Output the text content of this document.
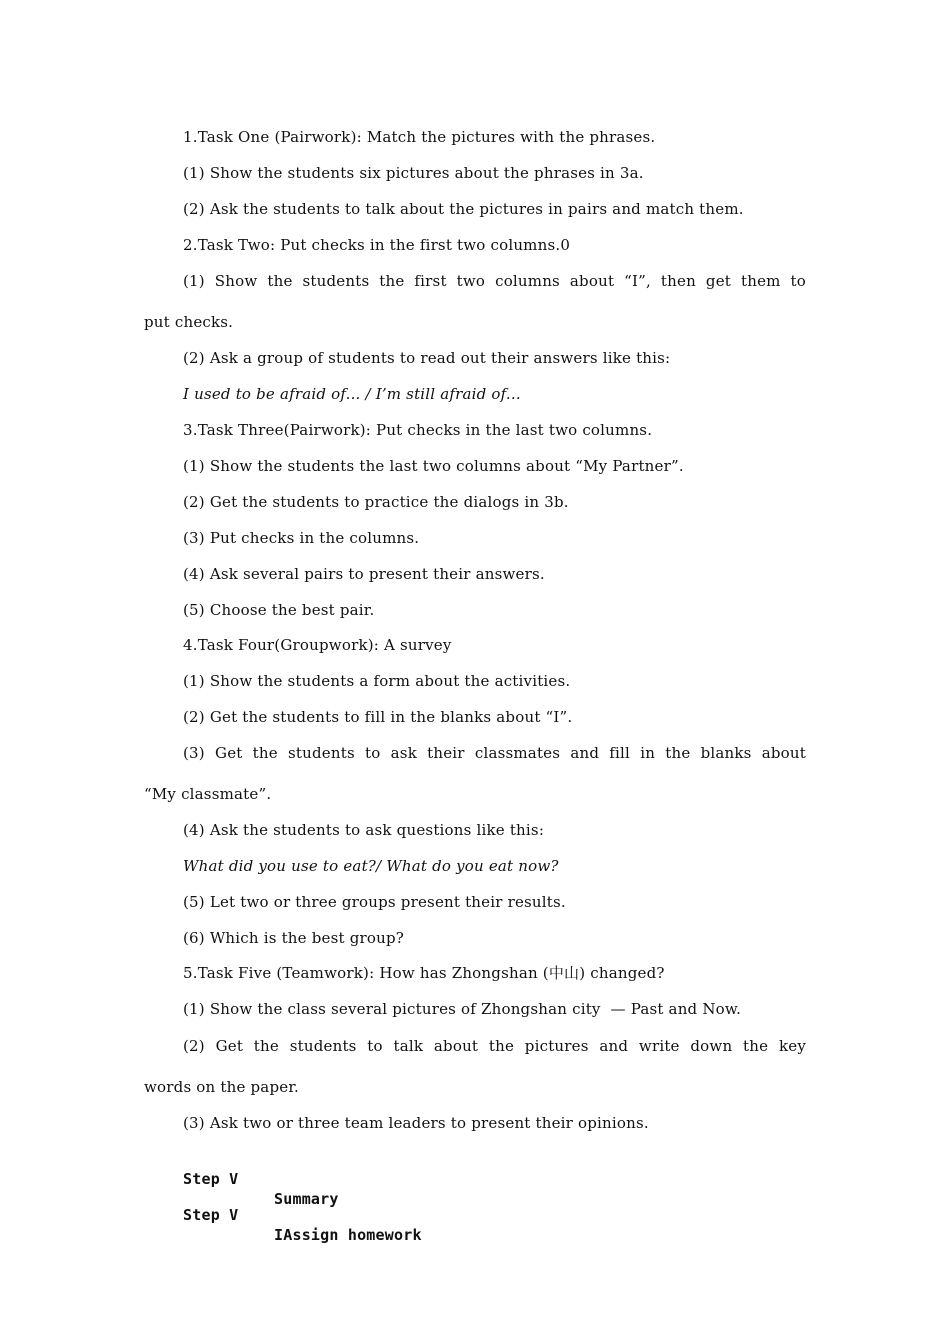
1.Task One (Pairwork): Match the pictures with the phrases.
(1) Show the students six pictures about the phrases in 3a.
(2) Ask the students to talk about the pictures in pairs and match them.
2.Task Two: Put checks in the first two columns.0
(1) Show the students the first two columns about “I”, then get them to
put checks.
(2) Ask a group of students to read out their answers like this:
I used to be afraid of... / I’m still afraid of...
3.Task Three(Pairwork): Put checks in the last two columns.
(1) Show the students the last two columns about “My Partner”.
(2) Get the students to practice the dialogs in 3b.
(3) Put checks in the columns.
(4) Ask several pairs to present their answers.
(5) Choose the best pair.
4.Task Four(Groupwork): A survey
(1) Show the students a form about the activities.
(2) Get the students to fill in the blanks about “I”.
(3) Get the students to ask their classmates and fill in the blanks about
“My classmate”.
(4) Ask the students to ask questions like this:
What did you use to eat?/ What do you eat now?
(5) Let two or three groups present their results.
(6) Which is the best group?
5.Task Five (Teamwork): How has Zhongshan (中山) changed?
(1) Show the class several pictures of Zhongshan city  — Past and Now.
(2) Get the students to talk about the pictures and write down the key
words on the paper.
(3) Ask two or three team leaders to present their opinions.

Step V

Summary

Step V

IAssign homework
